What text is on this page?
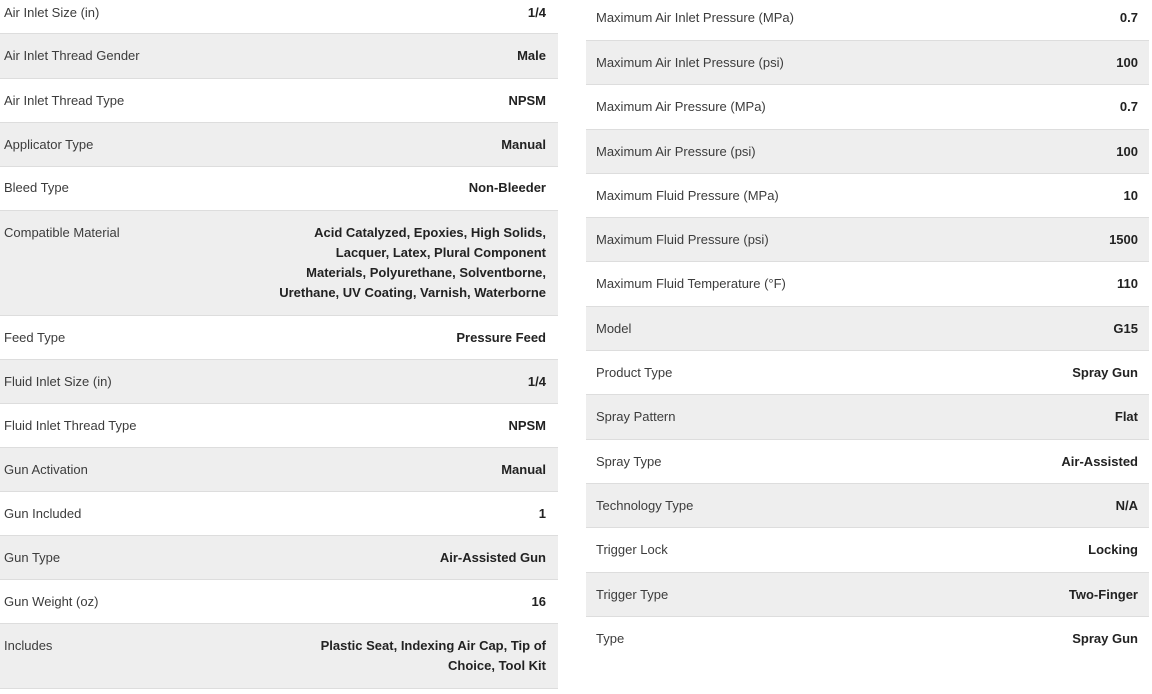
Air Inlet Size (in)	1/4
Air Inlet Thread Gender	Male
Air Inlet Thread Type	NPSM
Applicator Type	Manual
Bleed Type	Non-Bleeder
Compatible Material	Acid Catalyzed, Epoxies, High Solids, Lacquer, Latex, Plural Component Materials, Polyurethane, Solventborne, Urethane, UV Coating, Varnish, Waterborne
Feed Type	Pressure Feed
Fluid Inlet Size (in)	1/4
Fluid Inlet Thread Type	NPSM
Gun Activation	Manual
Gun Included	1
Gun Type	Air-Assisted Gun
Gun Weight (oz)	16
Includes	Plastic Seat, Indexing Air Cap, Tip of Choice, Tool Kit
Maximum Air Inlet Pressure (MPa)	0.7
Maximum Air Inlet Pressure (psi)	100
Maximum Air Pressure (MPa)	0.7
Maximum Air Pressure (psi)	100
Maximum Fluid Pressure (MPa)	10
Maximum Fluid Pressure (psi)	1500
Maximum Fluid Temperature (°F)	110
Model	G15
Product Type	Spray Gun
Spray Pattern	Flat
Spray Type	Air-Assisted
Technology Type	N/A
Trigger Lock	Locking
Trigger Type	Two-Finger
Type	Spray Gun
